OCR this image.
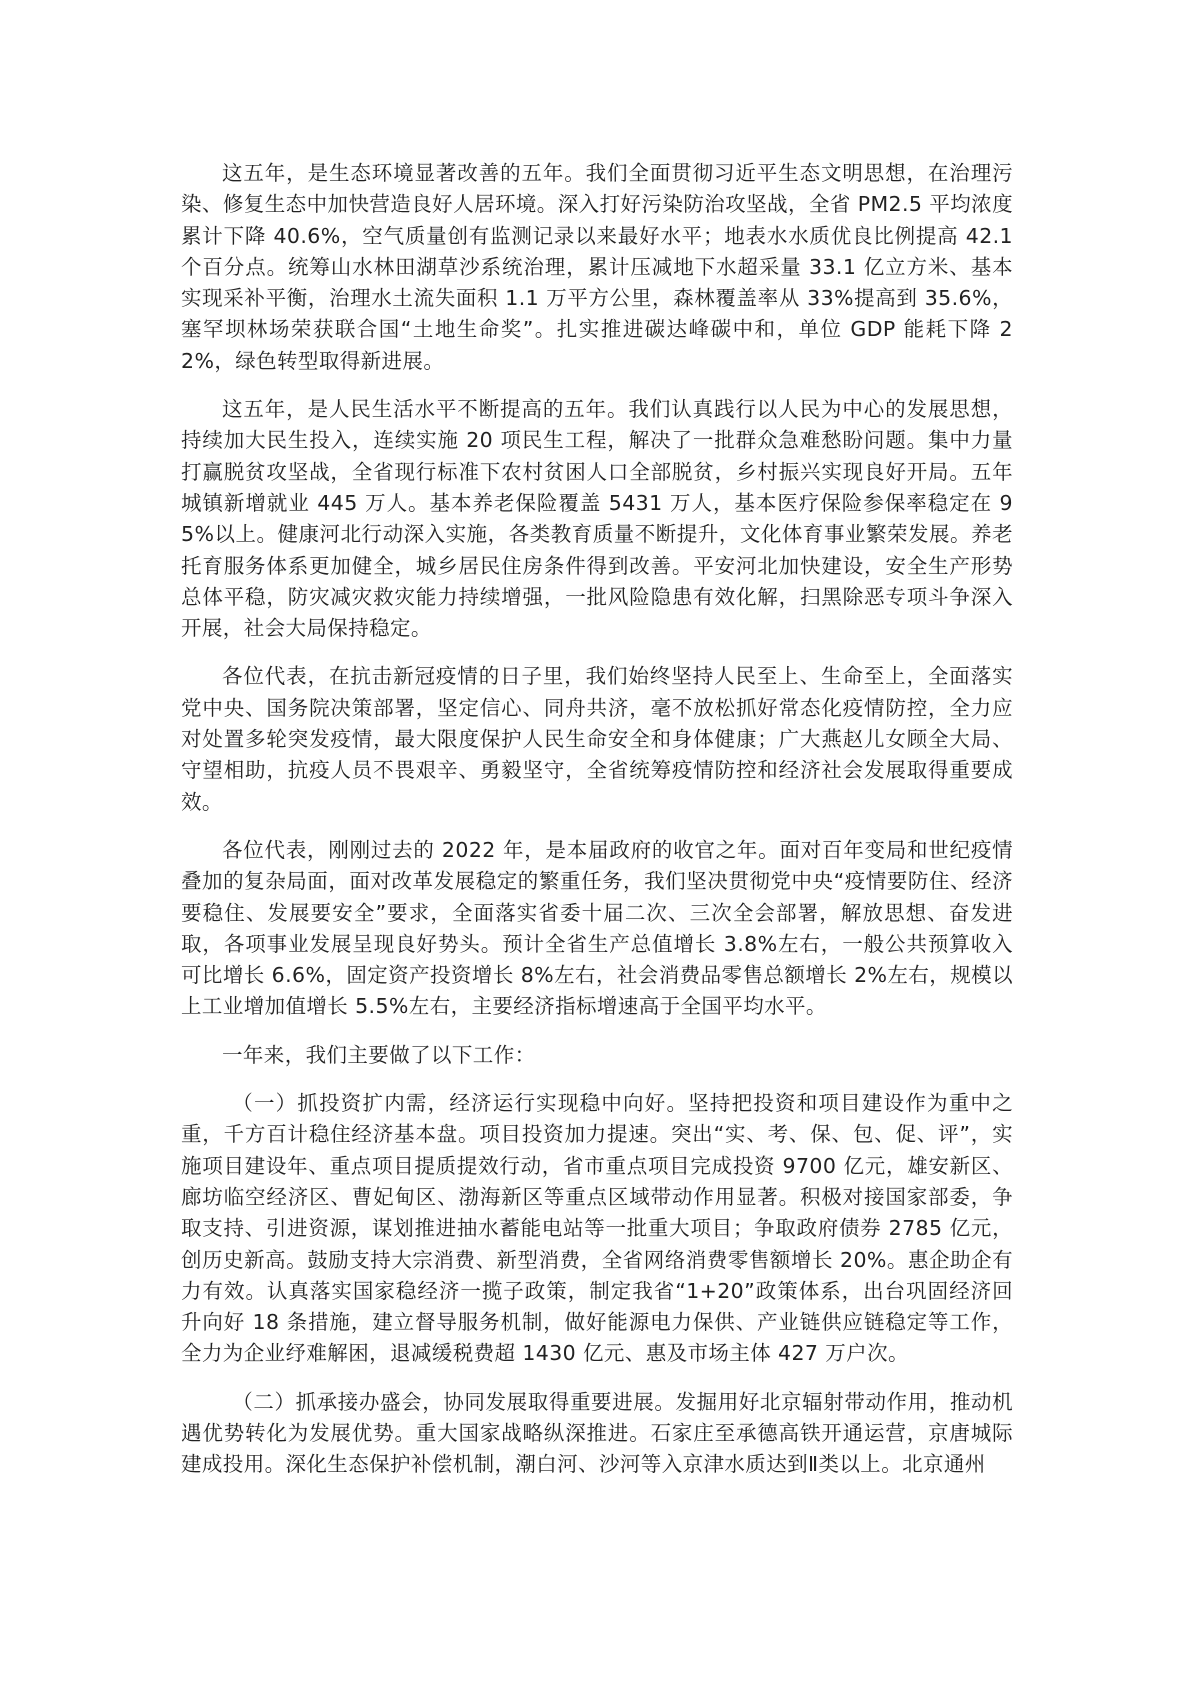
这五年，是生态环境显著改善的五年。我们全面贯彻习近平生态文明思想，在治理污染、修复生态中加快营造良好人居环境。深入打好污染防治攻坚战，全省 PM2.5 平均浓度累计下降 40.6%，空气质量创有监测记录以来最好水平；地表水水质优良比例提高 42.1 个百分点。统筹山水林田湖草沙系统治理，累计压减地下水超采量 33.1 亿立方米、基本实现采补平衡，治理水土流失面积 1.1 万平方公里，森林覆盖率从 33%提高到 35.6%，塞罕坝林场荣获联合国“土地生命奖”。扎实推进碳达峰碳中和，单位 GDP 能耗下降 22%，绿色转型取得新进展。

这五年，是人民生活水平不断提高的五年。我们认真践行以人民为中心的发展思想，持续加大民生投入，连续实施 20 项民生工程，解决了一批群众急难愁盼问题。集中力量打赢脱贫攻坚战，全省现行标准下农村贫困人口全部脱贫，乡村振兴实现良好开局。五年城镇新增就业 445 万人。基本养老保险覆盖 5431 万人，基本医疗保险参保率稳定在 95%以上。健康河北行动深入实施，各类教育质量不断提升，文化体育事业繁荣发展。养老托育服务体系更加健全，城乡居民住房条件得到改善。平安河北加快建设，安全生产形势总体平稳，防灾减灾救灾能力持续增强，一批风险隐患有效化解，扫黑除恶专项斗争深入开展，社会大局保持稳定。

各位代表，在抗击新冠疫情的日子里，我们始终坚持人民至上、生命至上，全面落实党中央、国务院决策部署，坚定信心、同舟共济，毫不放松抓好常态化疫情防控，全力应对处置多轮突发疫情，最大限度保护人民生命安全和身体健康；广大燕赵儿女顾全大局、守望相助，抗疫人员不畏艰辛、勇毅坚守，全省统筹疫情防控和经济社会发展取得重要成效。

各位代表，刚刚过去的 2022 年，是本届政府的收官之年。面对百年变局和世纪疫情叠加的复杂局面，面对改革发展稳定的繁重任务，我们坚决贯彻党中央“疫情要防住、经济要稳住、发展要安全”要求，全面落实省委十届二次、三次全会部署，解放思想、奋发进取，各项事业发展呈现良好势头。预计全省生产总值增长 3.8%左右，一般公共预算收入可比增长 6.6%，固定资产投资增长 8%左右，社会消费品零售总额增长 2%左右，规模以上工业增加值增长 5.5%左右，主要经济指标增速高于全国平均水平。

一年来，我们主要做了以下工作：

（一）抓投资扩内需，经济运行实现稳中向好。坚持把投资和项目建设作为重中之重，千方百计稳住经济基本盘。项目投资加力提速。突出“实、考、保、包、促、评”，实施项目建设年、重点项目提质提效行动，省市重点项目完成投资 9700 亿元，雄安新区、廊坊临空经济区、曹妃甸区、渤海新区等重点区域带动作用显著。积极对接国家部委，争取支持、引进资源，谋划推进抽水蓄能电站等一批重大项目；争取政府债券 2785 亿元，创历史新高。鼓励支持大宗消费、新型消费，全省网络消费零售额增长 20%。惠企助企有力有效。认真落实国家稳经济一揽子政策，制定我省“1+20”政策体系，出台巩固经济回升向好 18 条措施，建立督导服务机制，做好能源电力保供、产业链供应链稳定等工作，全力为企业纾难解困，退减缓税费超 1430 亿元、惠及市场主体 427 万户次。

（二）抓承接办盛会，协同发展取得重要进展。发掘用好北京辐射带动作用，推动机遇优势转化为发展优势。重大国家战略纵深推进。石家庄至承德高铁开通运营，京唐城际建成投用。深化生态保护补偿机制，潮白河、沙河等入京津水质达到Ⅱ类以上。北京通州
